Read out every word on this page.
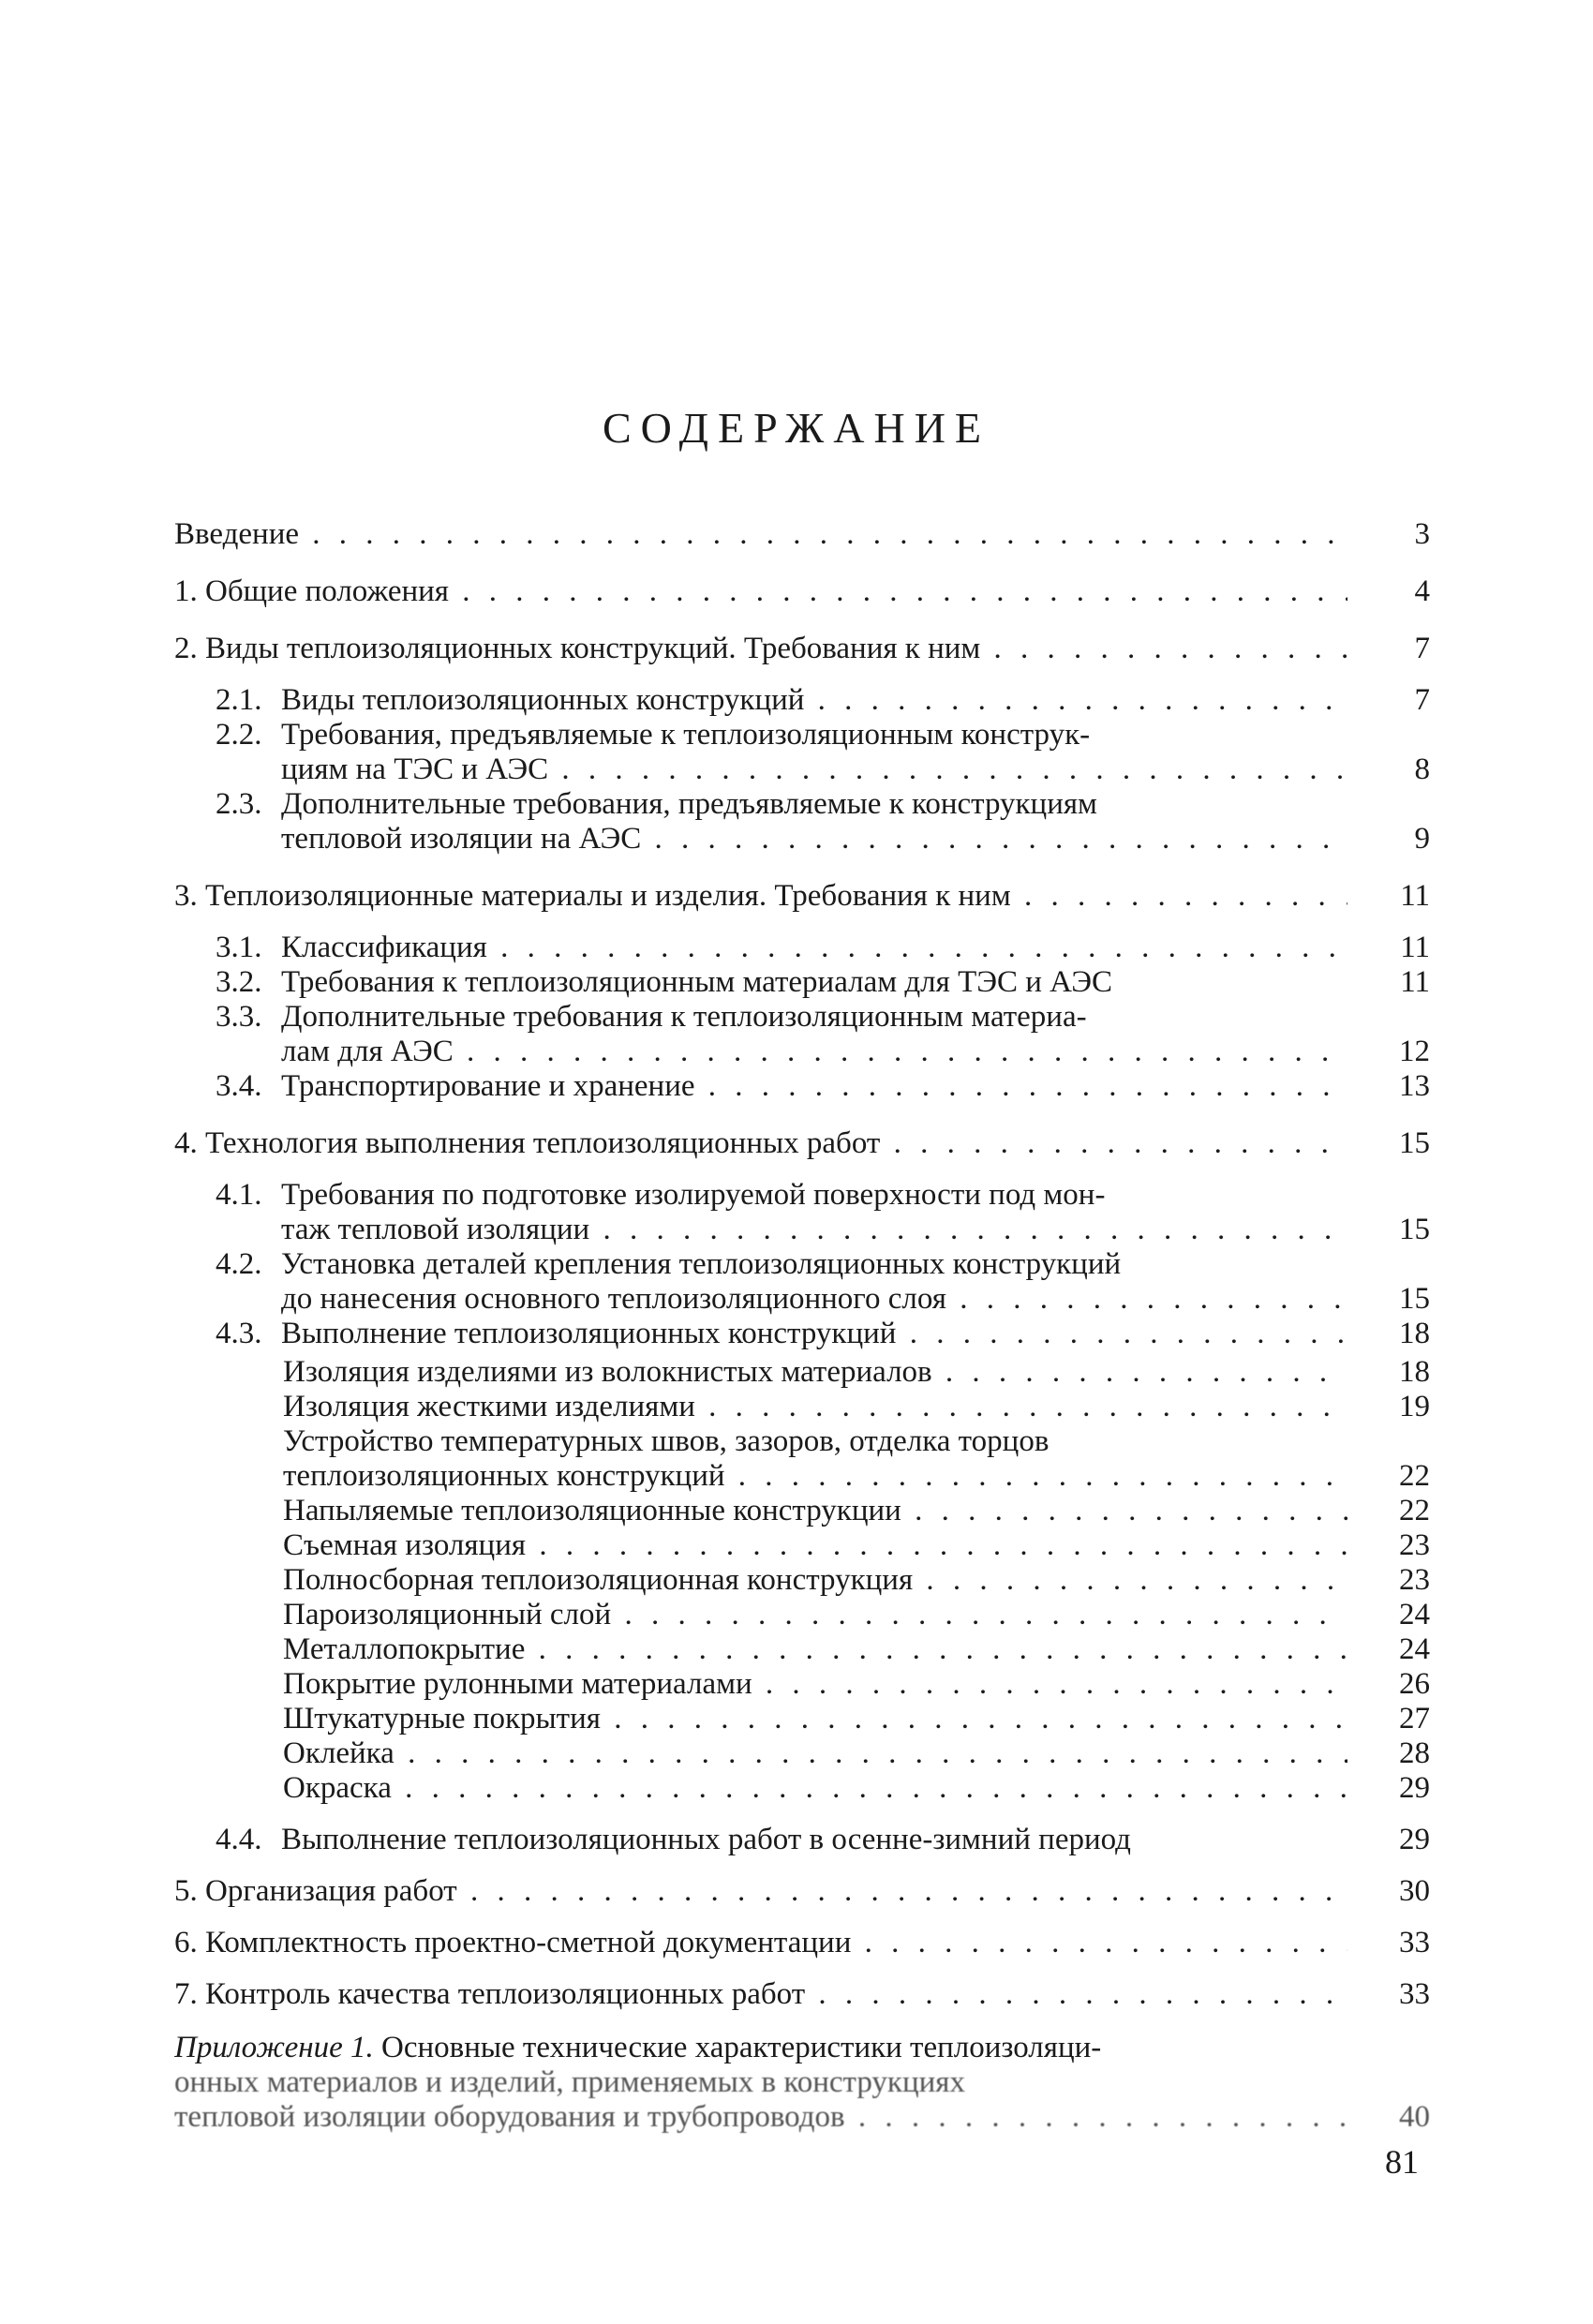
СОДЕРЖАНИЕ
Введение . . .	3
1. Общие положения . . .	4
2. Виды теплоизоляционных конструкций. Требования к ним . . .	7
2.1. Виды теплоизоляционных конструкций . . .	7
2.2. Требования, предъявляемые к теплоизоляционным конструк-
циям на ТЭС и АЭС . . .	8
2.3. Дополнительные требования, предъявляемые к конструкциям
тепловой изоляции на АЭС . . .	9
3. Теплоизоляционные материалы и изделия. Требования к ним . . .	11
3.1. Классификация . . .	11
3.2. Требования к теплоизоляционным материалам для ТЭС и АЭС	11
3.3. Дополнительные требования к теплоизоляционным материа-
лам для АЭС . . .	12
3.4. Транспортирование и хранение . . .	13
4. Технология выполнения теплоизоляционных работ . . .	15
4.1. Требования по подготовке изолируемой поверхности под мон-
таж тепловой изоляции . . .	15
4.2. Установка деталей крепления теплоизоляционных конструкций
до нанесения основного теплоизоляционного слоя . . .	15
4.3. Выполнение теплоизоляционных конструкций . . .	18
Изоляция изделиями из волокнистых материалов . . .	18
Изоляция жесткими изделиями . . .	19
Устройство температурных швов, зазоров, отделка торцов
теплоизоляционных конструкций . . .	22
Напыляемые теплоизоляционные конструкции . . .	22
Съемная изоляция . . .	23
Полносборная теплоизоляционная конструкция . . .	23
Пароизоляционный слой . . .	24
Металлопокрытие . . .	24
Покрытие рулонными материалами . . .	26
Штукатурные покрытия . . .	27
Оклейка . . .	28
Окраска . . .	29
4.4. Выполнение теплоизоляционных работ в осенне-зимний период	29
5. Организация работ . . .	30
6. Комплектность проектно-сметной документации . . .	33
7. Контроль качества теплоизоляционных работ . . .	33
Приложение 1. Основные технические характеристики теплоизоляци-
онных материалов и изделий, применяемых в конструкциях
тепловой изоляции оборудования и трубопроводов . . .	40
81
